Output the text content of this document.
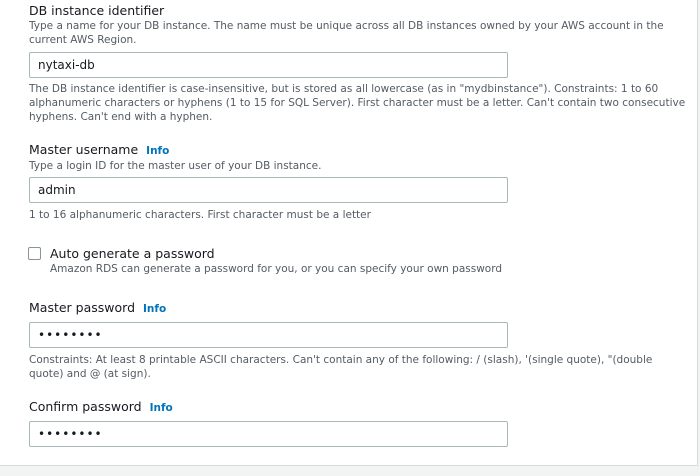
DB instance identifier
Type a name for your DB instance. The name must be unique across all DB instances owned by your AWS account in the current AWS Region.
nytaxi-db
The DB instance identifier is case-insensitive, but is stored as all lowercase (as in "mydbinstance"). Constraints: 1 to 60 alphanumeric characters or hyphens (1 to 15 for SQL Server). First character must be a letter. Can't contain two consecutive hyphens. Can't end with a hyphen.
Master username Info
Type a login ID for the master user of your DB instance.
admin
1 to 16 alphanumeric characters. First character must be a letter
Auto generate a password
Amazon RDS can generate a password for you, or you can specify your own password
Master password Info
••••••••
Constraints: At least 8 printable ASCII characters. Can't contain any of the following: / (slash), '(single quote), "(double quote) and @ (at sign).
Confirm password Info
••••••••
